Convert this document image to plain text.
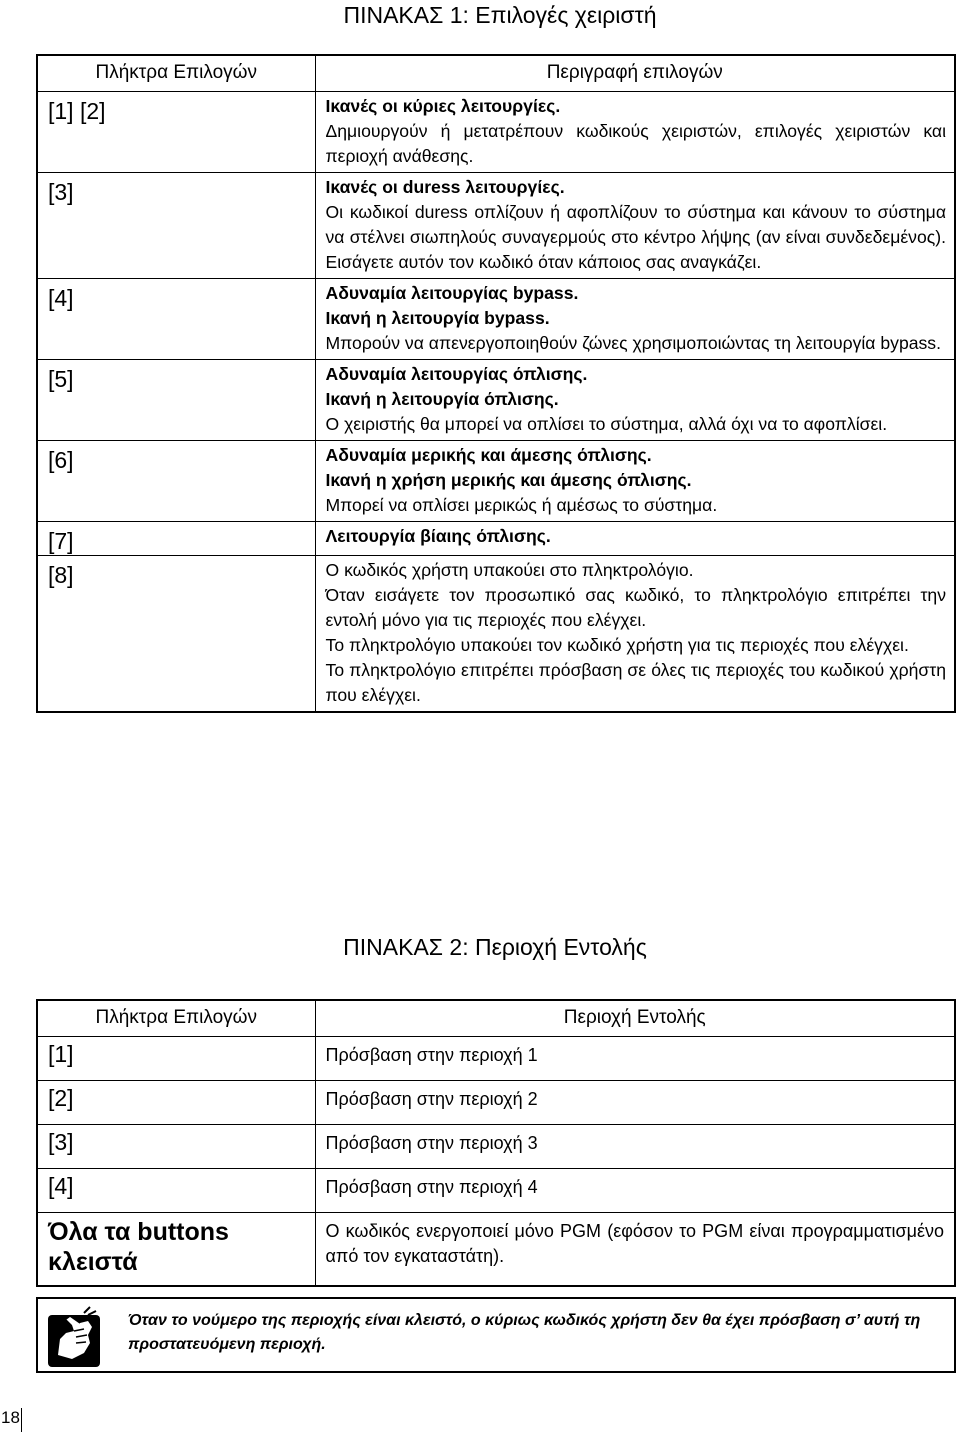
ΠΙΝΑΚΑΣ 1: Επιλογές χειριστή
Πλήκτρα Επιλογών	Περιγραφή επιλογών
[1] [2]	Ικανές οι κύριες λειτουργίες.
Δημιουργούν ή μετατρέπουν κωδικούς χειριστών, επιλογές χειριστών και περιοχή ανάθεσης.

[3]	Ικανές οι duress λειτουργίες.
Οι κωδικοί duress οπλίζουν ή αφοπλίζουν το σύστημα και κάνουν το σύστημα να στέλνει σιωπηλούς συναγερμούς στο κέντρο λήψης (αν είναι συνδεδεμένος). Εισάγετε αυτόν τον κωδικό όταν κάποιος σας αναγκάζει.

[4]	Αδυναμία λειτουργίας bypass.
Ικανή η λειτουργία bypass.
Μπορούν να απενεργοποιηθούν ζώνες χρησιμοποιώντας τη λειτουργία bypass.

[5]	Αδυναμία λειτουργίας όπλισης.
Ικανή η λειτουργία όπλισης.
Ο χειριστής θα μπορεί να οπλίσει το σύστημα, αλλά όχι να το αφοπλίσει.

[6]	Αδυναμία μερικής και άμεσης όπλισης.
Ικανή η χρήση μερικής και άμεσης όπλισης.
Μπορεί να οπλίσει μερικώς ή αμέσως το σύστημα.

[7]	Λειτουργία βίαιης όπλισης.

[8]	Ο κωδικός χρήστη υπακούει στο πληκτρολόγιο.
Όταν εισάγετε τον προσωπικό σας κωδικό, το πληκτρολόγιο επιτρέπει την εντολή μόνο για τις περιοχές που ελέγχει.
Το πληκτρολόγιο υπακούει τον κωδικό χρήστη για τις περιοχές που ελέγχει.
Το πληκτρολόγιο επιτρέπει πρόσβαση σε όλες τις περιοχές του κωδικού χρήστη που ελέγχει.
ΠΙΝΑΚΑΣ 2: Περιοχή Εντολής
Πλήκτρα Επιλογών	Περιοχή Εντολής
[1]	Πρόσβαση στην περιοχή 1
[2]	Πρόσβαση στην περιοχή 2
[3]	Πρόσβαση στην περιοχή 3
[4]	Πρόσβαση στην περιοχή 4
Όλα τα buttons κλειστά	Ο κωδικός ενεργοποιεί μόνο PGM (εφόσον το PGM είναι προγραμματισμένο από τον εγκαταστάτη).
Όταν το νούμερο της περιοχής είναι κλειστό, ο κύριως κωδικός χρήστη δεν θα έχει πρόσβαση σ’ αυτή τη προστατευόμενη περιοχή.
18
